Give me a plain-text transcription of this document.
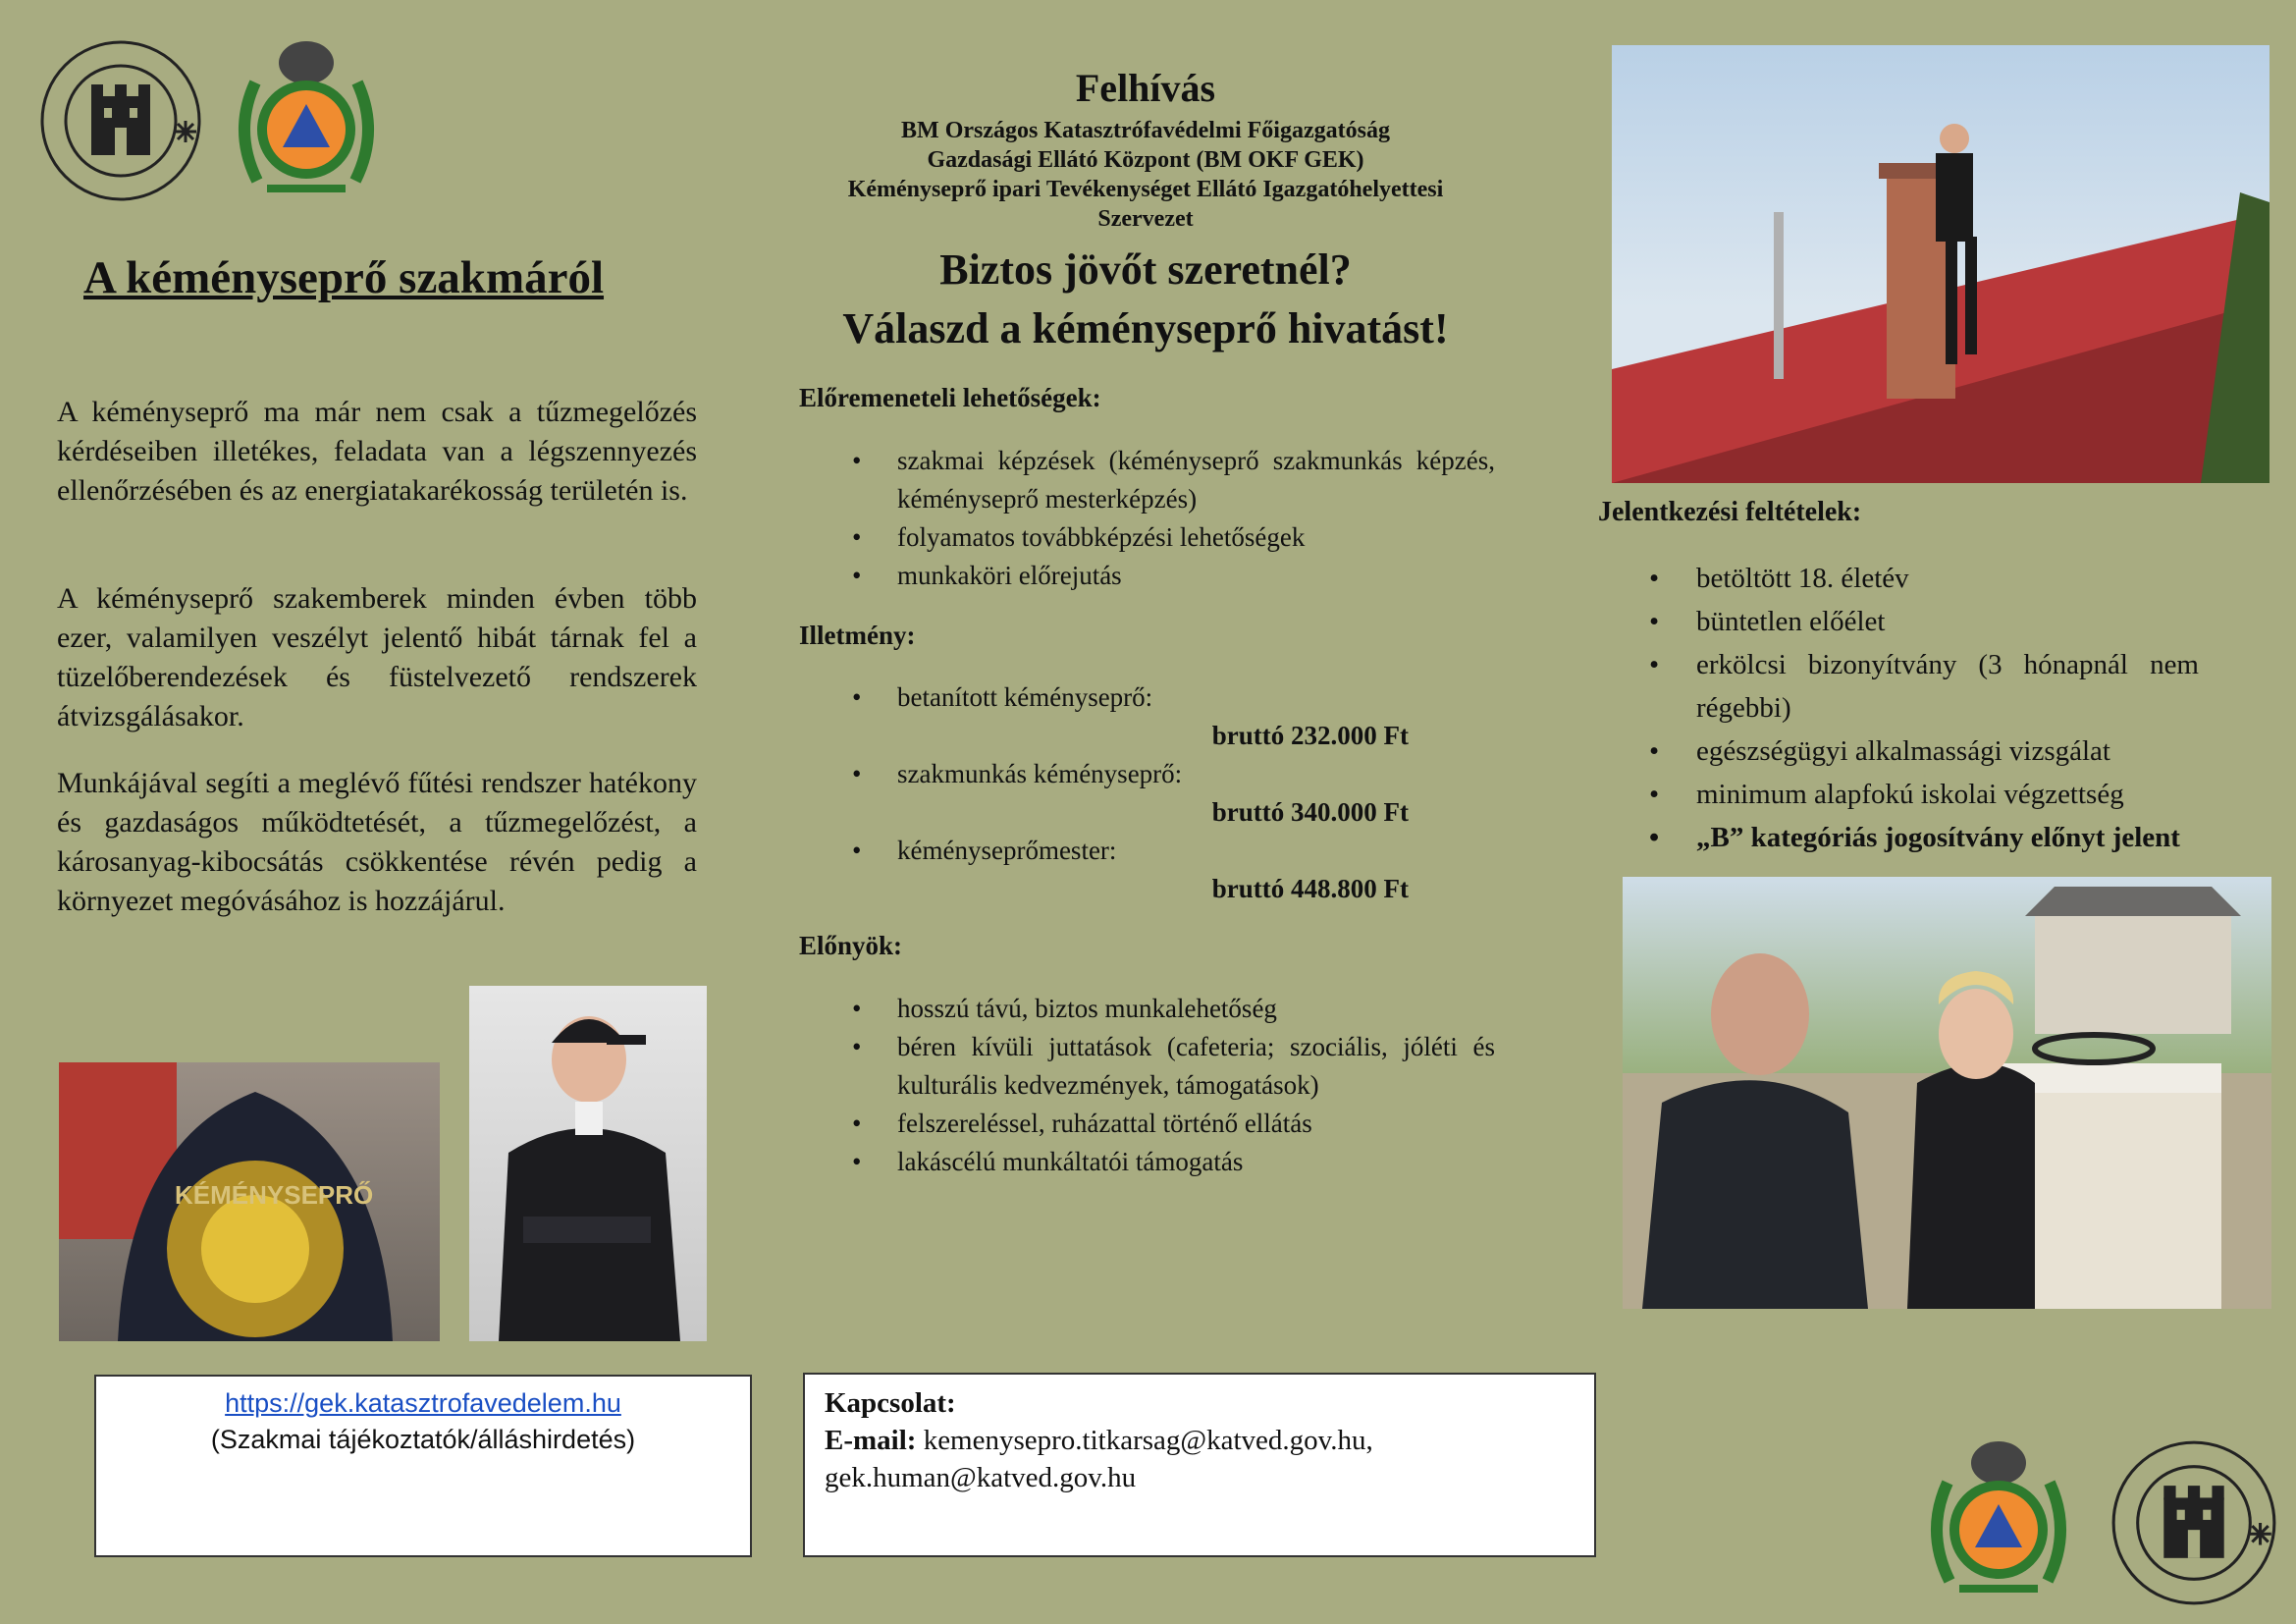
A kéményseprő szakmáról

A kéményseprő ma már nem csak a tűzmegelőzés kérdéseiben illetékes, feladata van a légszennyezés ellenőrzésében és az energiatakarékosság területén is.

A kéményseprő szakemberek minden évben több ezer, valamilyen veszélyt jelentő hibát tárnak fel a tüzelőberendezések és füstelvezető rendszerek átvizsgálásakor.

Munkájával segíti a meglévő fűtési rendszer hatékony és gazdaságos működtetését, a tűzmegelőzést, a károsanyag-kibocsátás csökkentése révén pedig a környezet megóvásához is hozzájárul.

KÉMÉNYSEPRŐ
Felhívás
BM Országos Katasztrófavédelmi Főigazgatóság
Gazdasági Ellátó Központ (BM OKF GEK)
Kéményseprő ipari Tevékenységet Ellátó Igazgatóhelyettesi
Szervezet
Biztos jövőt szeretnél?
Válaszd a kéményseprő hivatást!
Előremeneteli lehetőségek:
• szakmai képzések (kéményseprő szakmunkás képzés, kéményseprő mesterképzés)
• folyamatos továbbképzési lehetőségek
• munkaköri előrejutás
Illetmény:
• betanított kéményseprő:
bruttó 232.000 Ft
• szakmunkás kéményseprő:
bruttó 340.000 Ft
• kéményseprőmester:
bruttó 448.800 Ft
Előnyök:
• hosszú távú, biztos munkalehetőség
• béren kívüli juttatások (cafeteria; szociális, jóléti és kulturális kedvezmények, támogatások)
• felszereléssel, ruházattal történő ellátás
• lakáscélú munkáltatói támogatás
Jelentkezési feltételek:
• betöltött 18. életév
• büntetlen előélet
• erkölcsi bizonyítvány (3 hónapnál nem régebbi)
• egészségügyi alkalmassági vizsgálat
• minimum alapfokú iskolai végzettség
• „B” kategóriás jogosítvány előnyt jelent
https://gek.katasztrofavedelem.hu
(Szakmai tájékoztatók/álláshirdetés)
Kapcsolat:
E-mail: kemenysepro.titkarsag@katved.gov.hu,
gek.human@katved.gov.hu
